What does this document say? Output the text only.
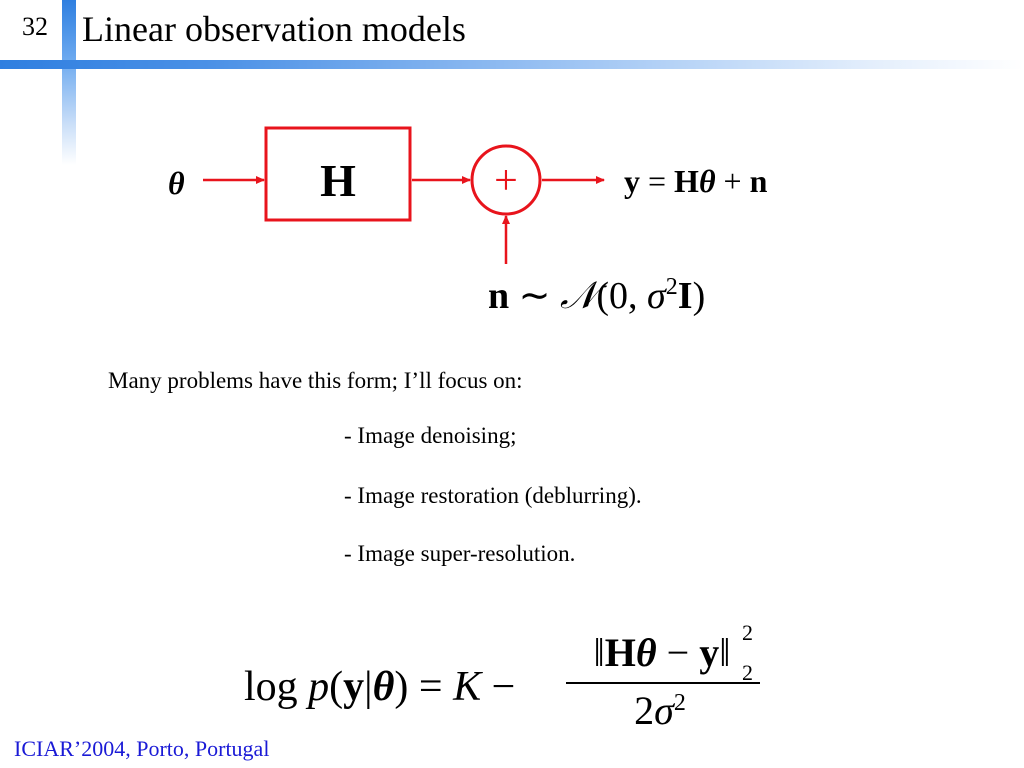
32 Linear observation models
θ	H	+	y = Hθ + n
n ∼ 𝒩(0, $\sigma^2I$)
Many problems have this form; I’ll focus on:
- Image denoising;
- Image restoration (deblurring).
- Image super-resolution.
log p(y|θ) = K −
‖Hθ − y‖ 2
2
$2\sigma^2$
ICIAR’2004, Porto, Portugal
